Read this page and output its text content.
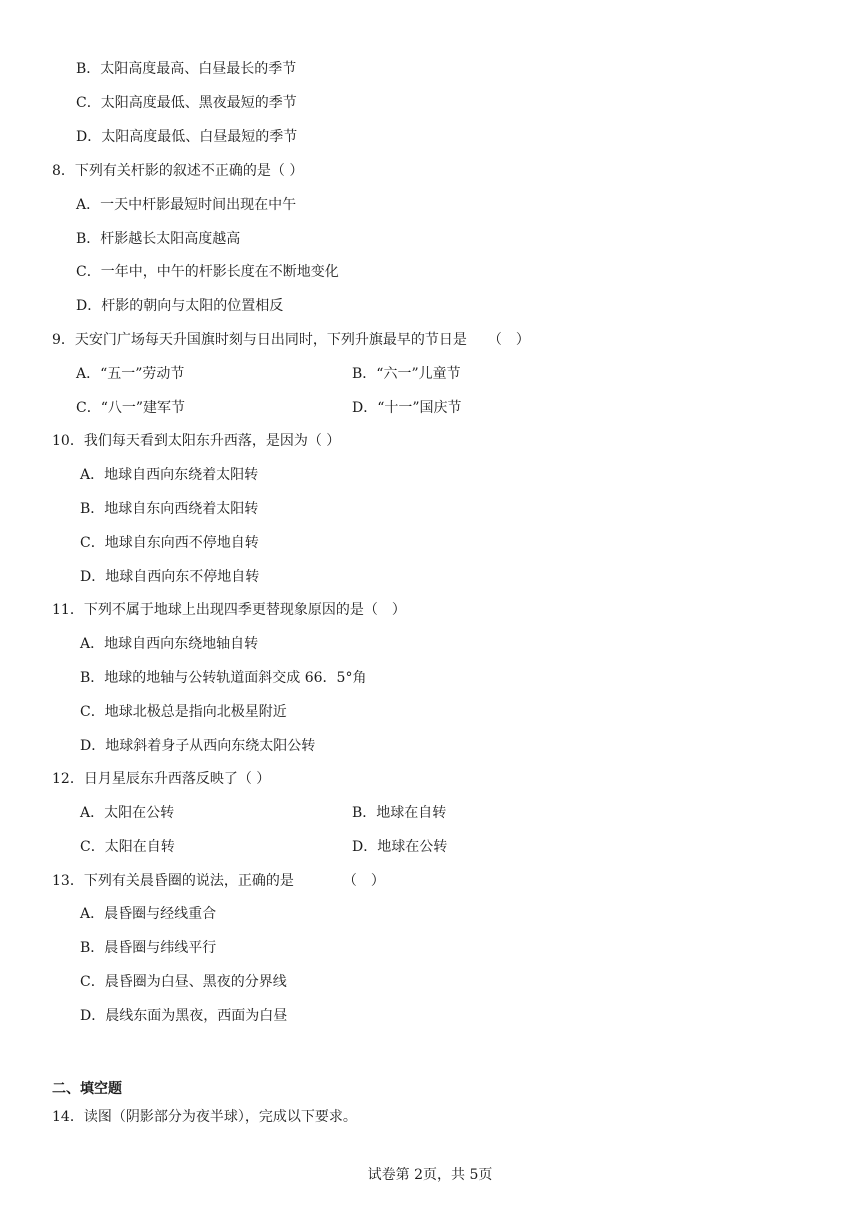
B．太阳高度最高、白昼最长的季节
C．太阳高度最低、黑夜最短的季节
D．太阳高度最低、白昼最短的季节
8．下列有关杆影的叙述不正确的是（ ）
A．一天中杆影最短时间出现在中午
B．杆影越长太阳高度越高
C．一年中，中午的杆影长度在不断地变化
D．杆影的朝向与太阳的位置相反
9．天安门广场每天升国旗时刻与日出同时，下列升旗最早的节日是　　（　）
A．“五一”劳动节	B．“六一”儿童节
C．“八一”建军节	D．“十一”国庆节
10．我们每天看到太阳东升西落，是因为（ ）
A．地球自西向东绕着太阳转
B．地球自东向西绕着太阳转
C．地球自东向西不停地自转
D．地球自西向东不停地自转
11．下列不属于地球上出现四季更替现象原因的是（　）
A．地球自西向东绕地轴自转
B．地球的地轴与公转轨道面斜交成 66．5°角
C．地球北极总是指向北极星附近
D．地球斜着身子从西向东绕太阳公转
12．日月星辰东升西落反映了（ ）
A．太阳在公转	B．地球在自转
C．太阳在自转	D．地球在公转
13．下列有关晨昏圈的说法，正确的是　　　　（　）
A．晨昏圈与经线重合
B．晨昏圈与纬线平行
C．晨昏圈为白昼、黑夜的分界线
D．晨线东面为黑夜，西面为白昼
二、填空题
14．读图（阴影部分为夜半球），完成以下要求。
试卷第 2页，共 5页
